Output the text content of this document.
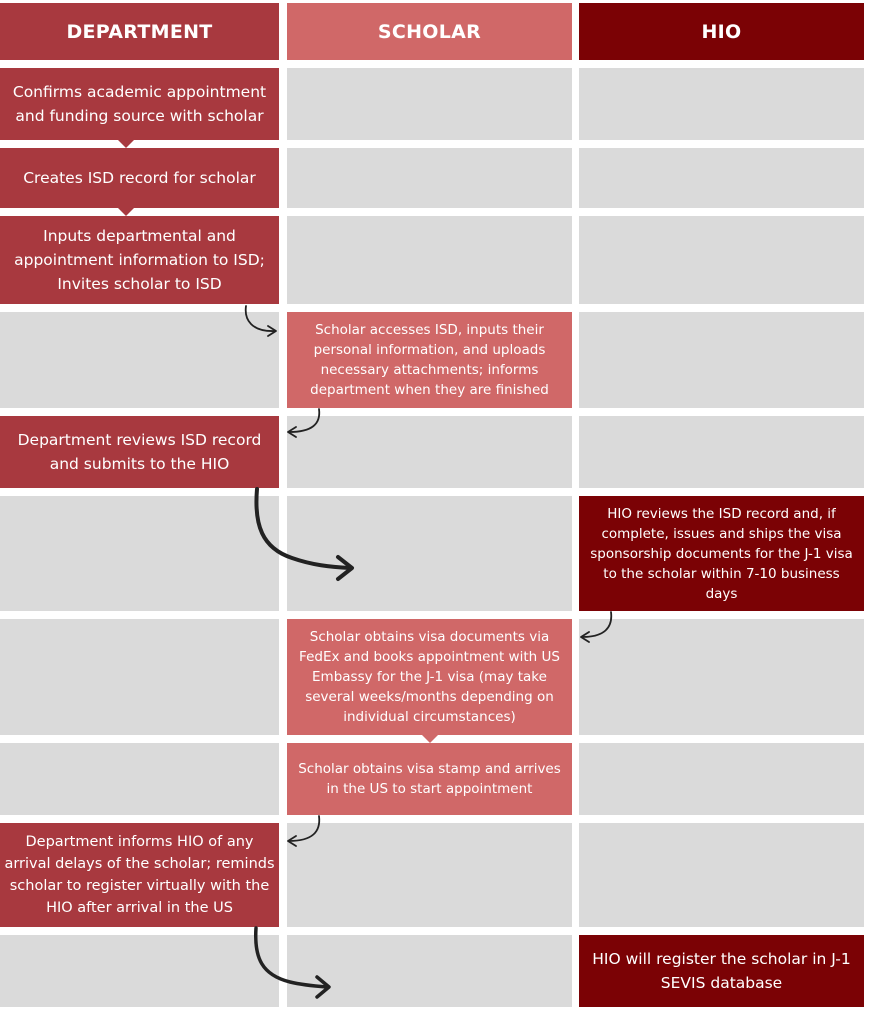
DEPARTMENT	SCHOLAR	HIO
Confirms academic appointment and funding source with scholar
Creates ISD record for scholar
Inputs departmental and appointment information to ISD; Invites scholar to ISD
Scholar accesses ISD, inputs their personal information, and uploads necessary attachments; informs department when they are finished
Department reviews ISD record and submits to the HIO
HIO reviews the ISD record and, if complete, issues and ships the visa sponsorship documents for the J-1 visa to the scholar within 7-10 business days
Scholar obtains visa documents via FedEx and books appointment with US Embassy for the J-1 visa (may take several weeks/months depending on individual circumstances)
Scholar obtains visa stamp and arrives in the US to start appointment
Department informs HIO of any arrival delays of the scholar; reminds scholar to register virtually with the HIO after arrival in the US
HIO will register the scholar in J-1 SEVIS database
